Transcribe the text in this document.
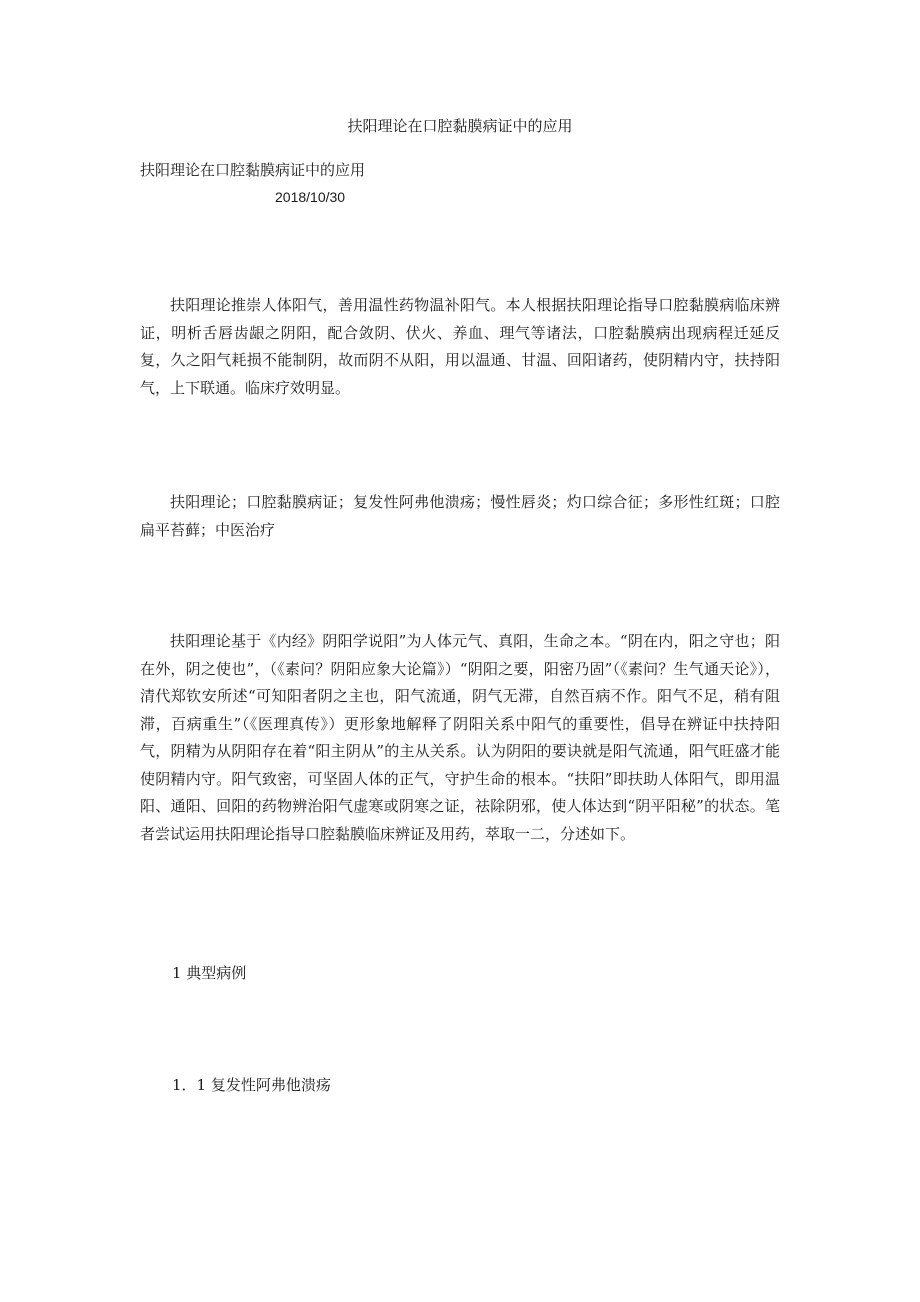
扶阳理论在口腔黏膜病证中的应用
扶阳理论在口腔黏膜病证中的应用
2018/10/30

扶阳理论推崇人体阳气，善用温性药物温补阳气。本人根据扶阳理论指导口腔黏膜病临床辨证，明析舌唇齿龈之阴阳，配合敛阴、伏火、养血、理气等诸法，口腔黏膜病出现病程迁延反复，久之阳气耗损不能制阴，故而阴不从阳，用以温通、甘温、回阳诸药，使阴精内守，扶持阳气，上下联通。临床疗效明显。

扶阳理论；口腔黏膜病证；复发性阿弗他溃疡；慢性唇炎；灼口综合征；多形性红斑；口腔扁平苔藓；中医治疗

扶阳理论基于《内经》阴阳学说阳”为人体元气、真阳，生命之本。“阴在内，阳之守也；阳在外，阴之使也”，（《素问？阴阳应象大论篇》）“阴阳之要，阳密乃固”（《素问？生气通天论》），清代郑钦安所述“可知阳者阴之主也，阳气流通，阴气无滞，自然百病不作。阳气不足，稍有阻滞，百病重生”（《医理真传》）更形象地解释了阴阳关系中阳气的重要性，倡导在辨证中扶持阳气，阴精为从阴阳存在着“阳主阴从”的主从关系。认为阴阳的要诀就是阳气流通，阳气旺盛才能使阴精内守。阳气致密，可坚固人体的正气，守护生命的根本。“扶阳”即扶助人体阳气，即用温阳、通阳、回阳的药物辨治阳气虚寒或阴寒之证，祛除阴邪，使人体达到“阴平阳秘”的状态。笔者尝试运用扶阳理论指导口腔黏膜临床辨证及用药，萃取一二，分述如下。

1 典型病例
1．1 复发性阿弗他溃疡
